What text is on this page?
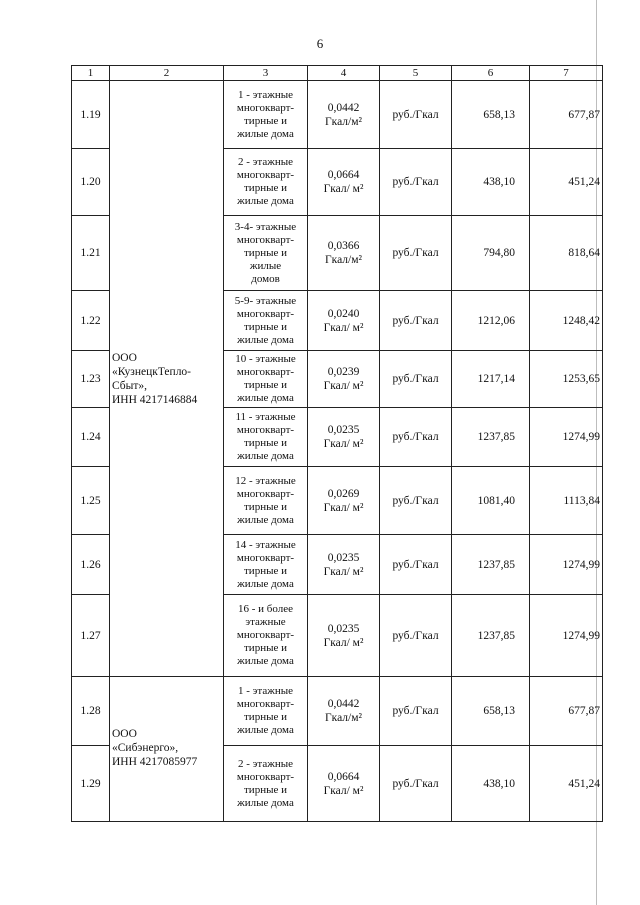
6
1	2	3	4	5	6	7
1.19	ООО
«КузнецкТепло-
Сбыт»,
ИНН 4217146884	1 - этажные
многокварт-
тирные и
жилые дома	0,0442
Гкал/м²	руб./Гкал	658,13	677,87
1.20		2 - этажные
многокварт-
тирные и
жилые дома	0,0664
Гкал/ м²	руб./Гкал	438,10	451,24
1.21		3-4- этажные
многокварт-
тирные и
жилые
домов	0,0366
Гкал/м²	руб./Гкал	794,80	818,64
1.22		5-9- этажные
многокварт-
тирные и
жилые дома	0,0240
Гкал/ м²	руб./Гкал	1212,06	1248,42
1.23		10 - этажные
многокварт-
тирные и
жилые дома	0,0239
Гкал/ м²	руб./Гкал	1217,14	1253,65
1.24		11 - этажные
многокварт-
тирные и
жилые дома	0,0235
Гкал/ м²	руб./Гкал	1237,85	1274,99
1.25		12 - этажные
многокварт-
тирные и
жилые дома	0,0269
Гкал/ м²	руб./Гкал	1081,40	1113,84
1.26		14 - этажные
многокварт-
тирные и
жилые дома	0,0235
Гкал/ м²	руб./Гкал	1237,85	1274,99
1.27		16 - и более
этажные
многокварт-
тирные и
жилые дома	0,0235
Гкал/ м²	руб./Гкал	1237,85	1274,99
1.28	ООО
«Сибэнерго»,
ИНН 4217085977	1 - этажные
многокварт-
тирные и
жилые дома	0,0442
Гкал/м²	руб./Гкал	658,13	677,87
1.29		2 - этажные
многокварт-
тирные и
жилые дома	0,0664
Гкал/ м²	руб./Гкал	438,10	451,24
